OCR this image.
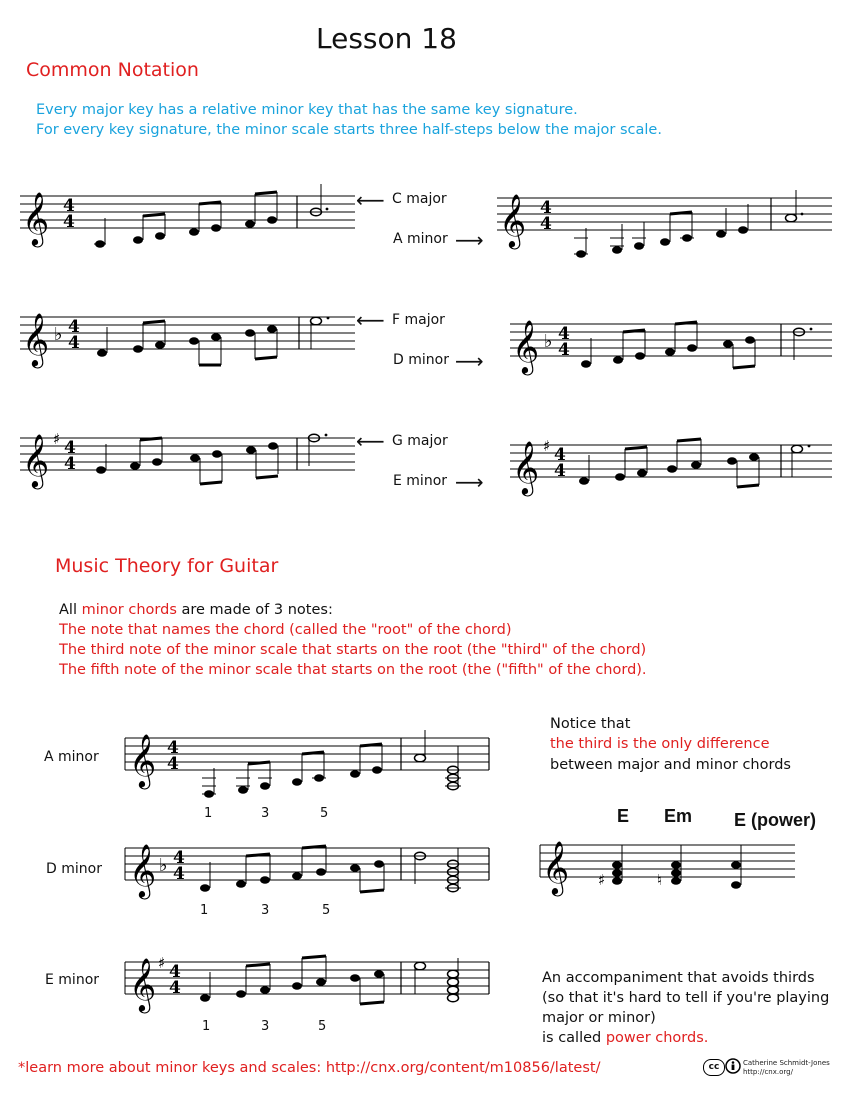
Lesson 18
Common Notation
Every major key has a relative minor key that has the same key signature.
For every key signature, the minor scale starts three half-steps below the major scale.
𝄞 4
4
⟵ C major
A minor ⟶ 𝄞 4
4
𝄞 ♭ 4
4
⟵ F major
D minor ⟶ 𝄞 ♭ 4
4
𝄞 ♯ 4
4
⟵ G major
E minor ⟶ 𝄞 ♯ 4
4
Music Theory for Guitar
All minor chords are made of 3 notes:
The note that names the chord (called the "root" of the chord)
The third note of the minor scale that starts on the root (the "third" of the chord)
The fifth note of the minor scale that starts on the root (the ("fifth" of the chord).
A minor
D minor
E minor
𝄞 4
4
1	3	5
𝄞 ♭ 4
4
1	3	5
𝄞 ♯ 4
4
1	3	5
Notice that
the third is the only difference
between major and minor chords
E Em E (power)
𝄞 ♯	♮
An accompaniment that avoids thirds
(so that it's hard to tell if you're playing
major or minor)
is called power chords.
*learn more about minor keys and scales: http://cnx.org/content/m10856/latest/	cc	Catherine Schmidt-Jones
http://cnx.org/
